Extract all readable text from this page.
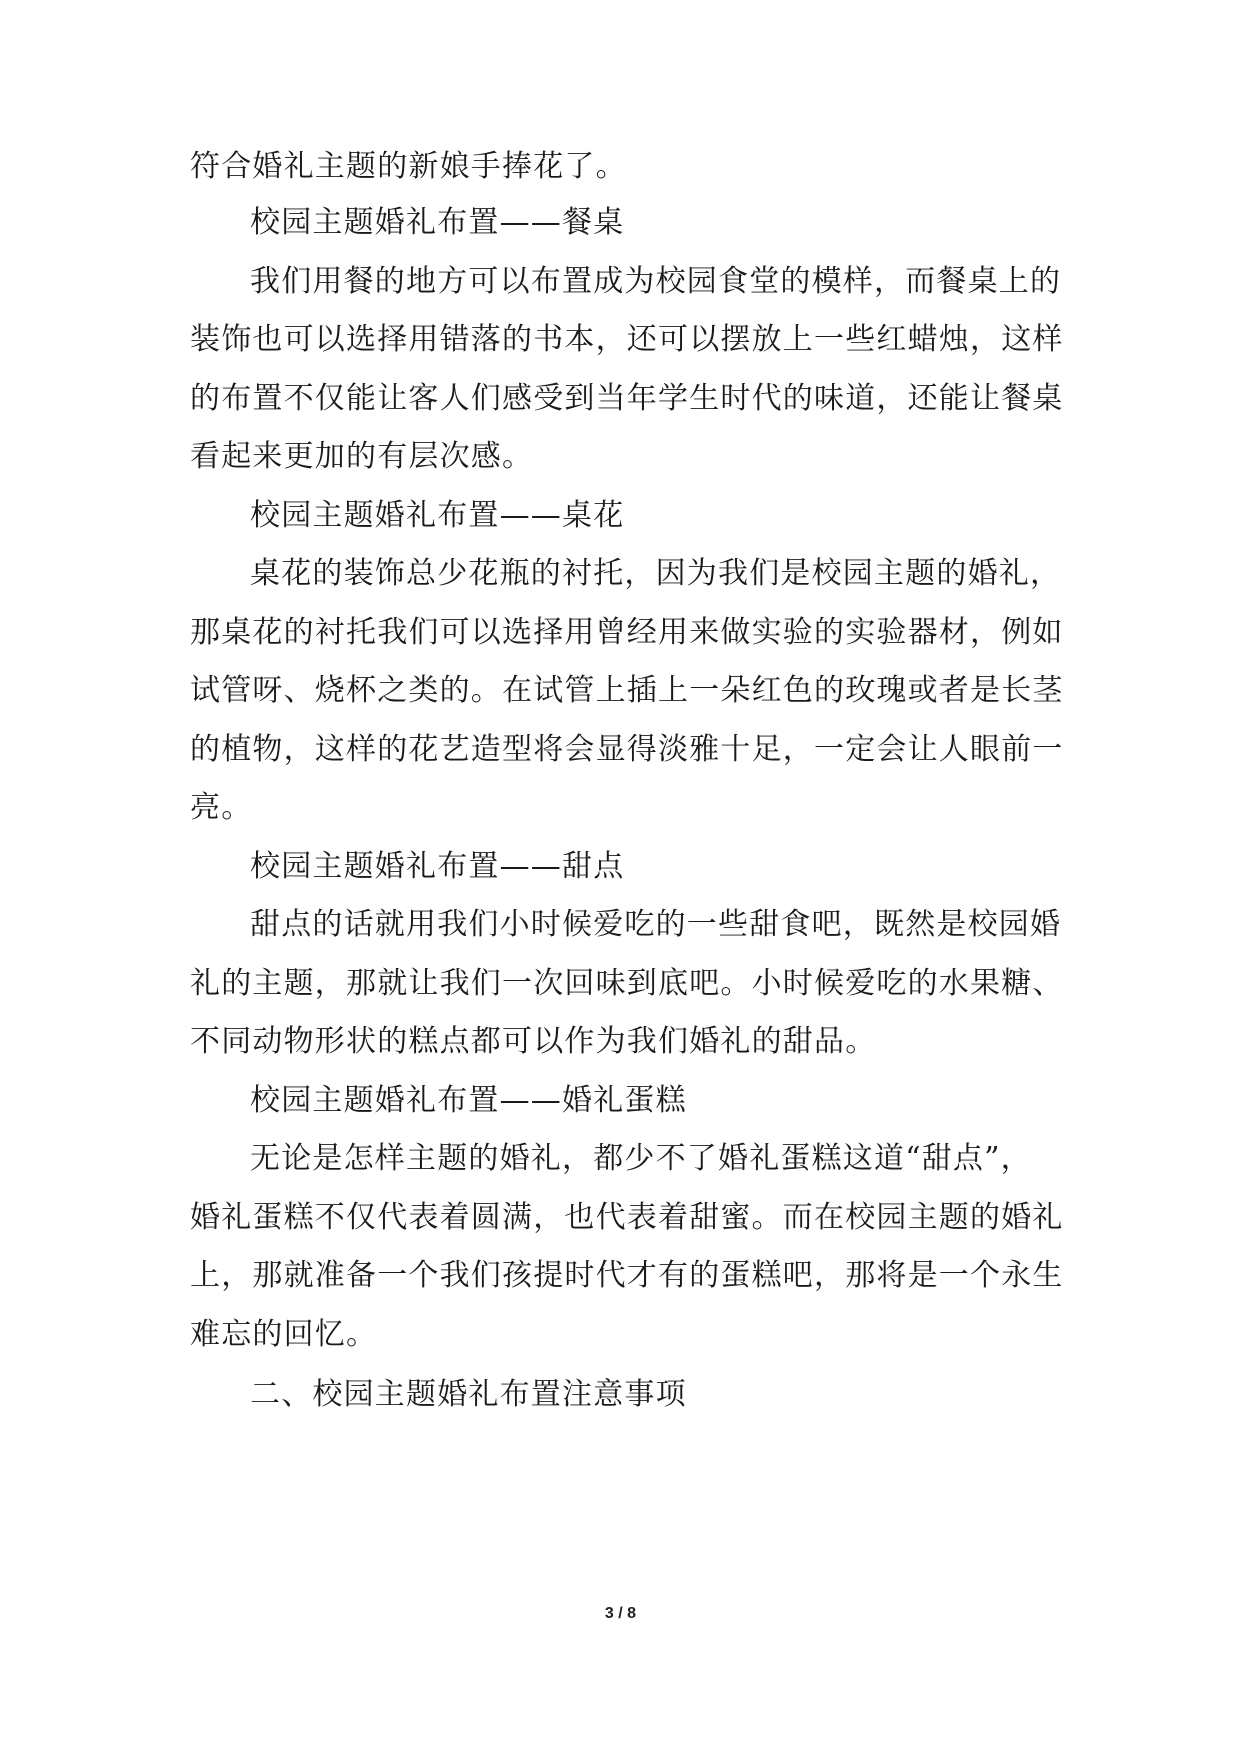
符合婚礼主题的新娘手捧花了。
校园主题婚礼布置——餐桌
我们用餐的地方可以布置成为校园食堂的模样，而餐桌上的
装饰也可以选择用错落的书本，还可以摆放上一些红蜡烛，这样
的布置不仅能让客人们感受到当年学生时代的味道，还能让餐桌
看起来更加的有层次感。
校园主题婚礼布置——桌花
桌花的装饰总少花瓶的衬托，因为我们是校园主题的婚礼，
那桌花的衬托我们可以选择用曾经用来做实验的实验器材，例如
试管呀、烧杯之类的。在试管上插上一朵红色的玫瑰或者是长茎
的植物，这样的花艺造型将会显得淡雅十足，一定会让人眼前一
亮。
校园主题婚礼布置——甜点
甜点的话就用我们小时候爱吃的一些甜食吧，既然是校园婚
礼的主题，那就让我们一次回味到底吧。小时候爱吃的水果糖、
不同动物形状的糕点都可以作为我们婚礼的甜品。
校园主题婚礼布置——婚礼蛋糕
无论是怎样主题的婚礼，都少不了婚礼蛋糕这道“甜点”，
婚礼蛋糕不仅代表着圆满，也代表着甜蜜。而在校园主题的婚礼
上，那就准备一个我们孩提时代才有的蛋糕吧，那将是一个永生
难忘的回忆。
二、校园主题婚礼布置注意事项
3 / 8
